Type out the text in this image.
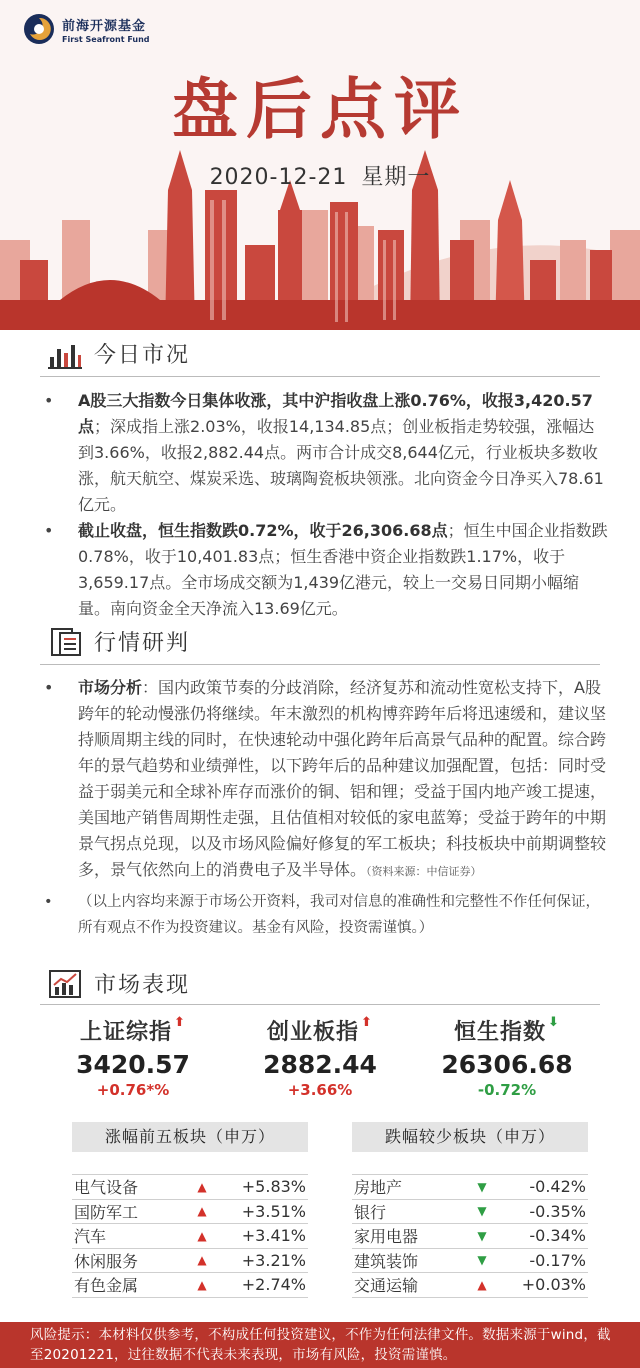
前海开源基金
First Seafront Fund
盘后点评
2020-12-21 星期一
今日市况
• A股三大指数今日集体收涨，其中沪指收盘上涨0.76%，收报3,420.57点；深成指上涨2.03%，收报14,134.85点；创业板指走势较强，涨幅达到3.66%，收报2,882.44点。两市合计成交8,644亿元，行业板块多数收涨，航天航空、煤炭采选、玻璃陶瓷板块领涨。北向资金今日净买入78.61亿元。
• 截止收盘，恒生指数跌0.72%，收于26,306.68点；恒生中国企业指数跌0.78%，收于10,401.83点；恒生香港中资企业指数跌1.17%，收于3,659.17点。全市场成交额为1,439亿港元，较上一交易日同期小幅缩量。南向资金全天净流入13.69亿元。
行情研判
• 市场分析：国内政策节奏的分歧消除，经济复苏和流动性宽松支持下，A股跨年的轮动慢涨仍将继续。年末激烈的机构博弈跨年后将迅速缓和，建议坚持顺周期主线的同时，在快速轮动中强化跨年后高景气品种的配置。综合跨年的景气趋势和业绩弹性，以下跨年后的品种建议加强配置，包括：同时受益于弱美元和全球补库存而涨价的铜、铝和锂；受益于国内地产竣工提速，美国地产销售周期性走强，且估值相对较低的家电蓝筹；受益于跨年的中期景气拐点兑现，以及市场风险偏好修复的军工板块；科技板块中前期调整较多，景气依然向上的消费电子及半导体。（资料来源：中信证券）
• （以上内容均来源于市场公开资料，我司对信息的准确性和完整性不作任何保证，所有观点不作为投资建议。基金有风险，投资需谨慎。）
市场表现
上证综指 ⬆
3420.57
+0.76*%
创业板指 ⬆
2882.44
+3.66%
恒生指数 ⬇
26306.68
-0.72%
涨幅前五板块（申万）
电气设备	▲	+5.83%
国防军工	▲	+3.51%
汽车	▲	+3.41%
休闲服务	▲	+3.21%
有色金属	▲	+2.74%
跌幅较少板块（申万）
房地产	▼	-0.42%
银行	▼	-0.35%
家用电器	▼	-0.34%
建筑装饰	▼	-0.17%
交通运输	▲	+0.03%
风险提示：本材料仅供参考，不构成任何投资建议，不作为任何法律文件。数据来源于wind，截至20201221，过往数据不代表未来表现，市场有风险，投资需谨慎。
